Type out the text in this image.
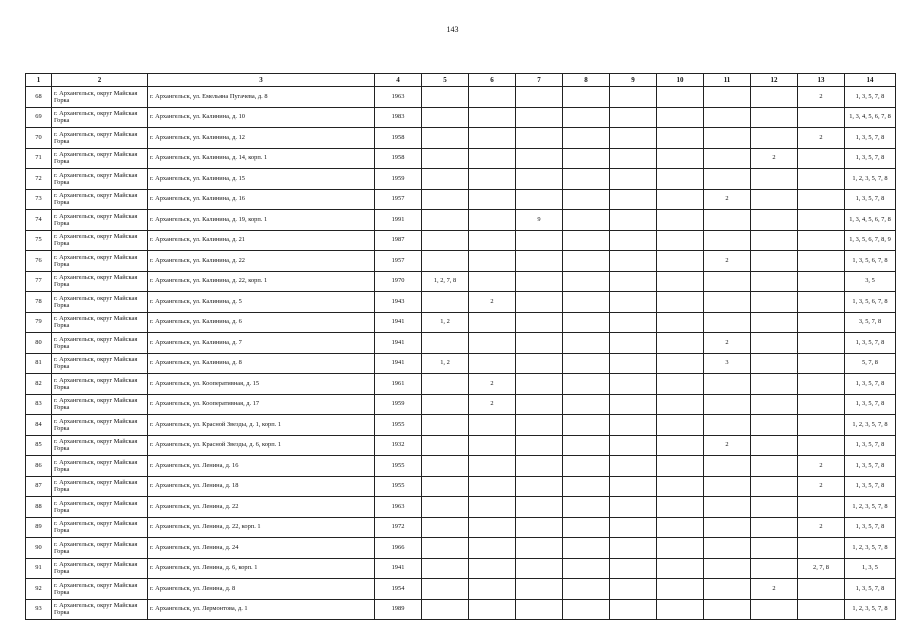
143
1	2	3	4	5	6	7	8	9	10	11	12	13	14
68	г. Архангельск, округ Майская Горка	г. Архангельск, ул. Емельяна Пугачева, д. 8	1963									2	1, 3, 5, 7, 8
69	г. Архангельск, округ Майская Горка	г. Архангельск, ул. Калинина, д. 10	1983										1, 3, 4, 5, 6, 7, 8
70	г. Архангельск, округ Майская Горка	г. Архангельск, ул. Калинина, д. 12	1958									2	1, 3, 5, 7, 8
71	г. Архангельск, округ Майская Горка	г. Архангельск, ул. Калинина, д. 14, корп. 1	1958								2		1, 3, 5, 7, 8
72	г. Архангельск, округ Майская Горка	г. Архангельск, ул. Калинина, д. 15	1959										1, 2, 3, 5, 7, 8
73	г. Архангельск, округ Майская Горка	г. Архангельск, ул. Калинина, д. 16	1957							2			1, 3, 5, 7, 8
74	г. Архангельск, округ Майская Горка	г. Архангельск, ул. Калинина, д. 19, корп. 1	1991			9							1, 3, 4, 5, 6, 7, 8
75	г. Архангельск, округ Майская Горка	г. Архангельск, ул. Калинина, д. 21	1987										1, 3, 5, 6, 7, 8, 9
76	г. Архангельск, округ Майская Горка	г. Архангельск, ул. Калинина, д. 22	1957							2			1, 3, 5, 6, 7, 8
77	г. Архангельск, округ Майская Горка	г. Архангельск, ул. Калинина, д. 22, корп. 1	1970	1, 2, 7, 8									3, 5
78	г. Архангельск, округ Майская Горка	г. Архангельск, ул. Калинина, д. 5	1943		2								1, 3, 5, 6, 7, 8
79	г. Архангельск, округ Майская Горка	г. Архангельск, ул. Калинина, д. 6	1941	1, 2									3, 5, 7, 8
80	г. Архангельск, округ Майская Горка	г. Архангельск, ул. Калинина, д. 7	1941							2			1, 3, 5, 7, 8
81	г. Архангельск, округ Майская Горка	г. Архангельск, ул. Калинина, д. 8	1941	1, 2						3			5, 7, 8
82	г. Архангельск, округ Майская Горка	г. Архангельск, ул. Кооперативная, д. 15	1961		2								1, 3, 5, 7, 8
83	г. Архангельск, округ Майская Горка	г. Архангельск, ул. Кооперативная, д. 17	1959		2								1, 3, 5, 7, 8
84	г. Архангельск, округ Майская Горка	г. Архангельск, ул. Красной Звезды, д. 1, корп. 1	1955										1, 2, 3, 5, 7, 8
85	г. Архангельск, округ Майская Горка	г. Архангельск, ул. Красной Звезды, д. 6, корп. 1	1932							2			1, 3, 5, 7, 8
86	г. Архангельск, округ Майская Горка	г. Архангельск, ул. Ленина, д. 16	1955									2	1, 3, 5, 7, 8
87	г. Архангельск, округ Майская Горка	г. Архангельск, ул. Ленина, д. 18	1955									2	1, 3, 5, 7, 8
88	г. Архангельск, округ Майская Горка	г. Архангельск, ул. Ленина, д. 22	1963										1, 2, 3, 5, 7, 8
89	г. Архангельск, округ Майская Горка	г. Архангельск, ул. Ленина, д. 22, корп. 1	1972									2	1, 3, 5, 7, 8
90	г. Архангельск, округ Майская Горка	г. Архангельск, ул. Ленина, д. 24	1966										1, 2, 3, 5, 7, 8
91	г. Архангельск, округ Майская Горка	г. Архангельск, ул. Ленина, д. 6, корп. 1	1941									2, 7, 8	1, 3, 5
92	г. Архангельск, округ Майская Горка	г. Архангельск, ул. Ленина, д. 8	1954								2		1, 3, 5, 7, 8
93	г. Архангельск, округ Майская Горка	г. Архангельск, ул. Лермонтова, д. 1	1989										1, 2, 3, 5, 7, 8
